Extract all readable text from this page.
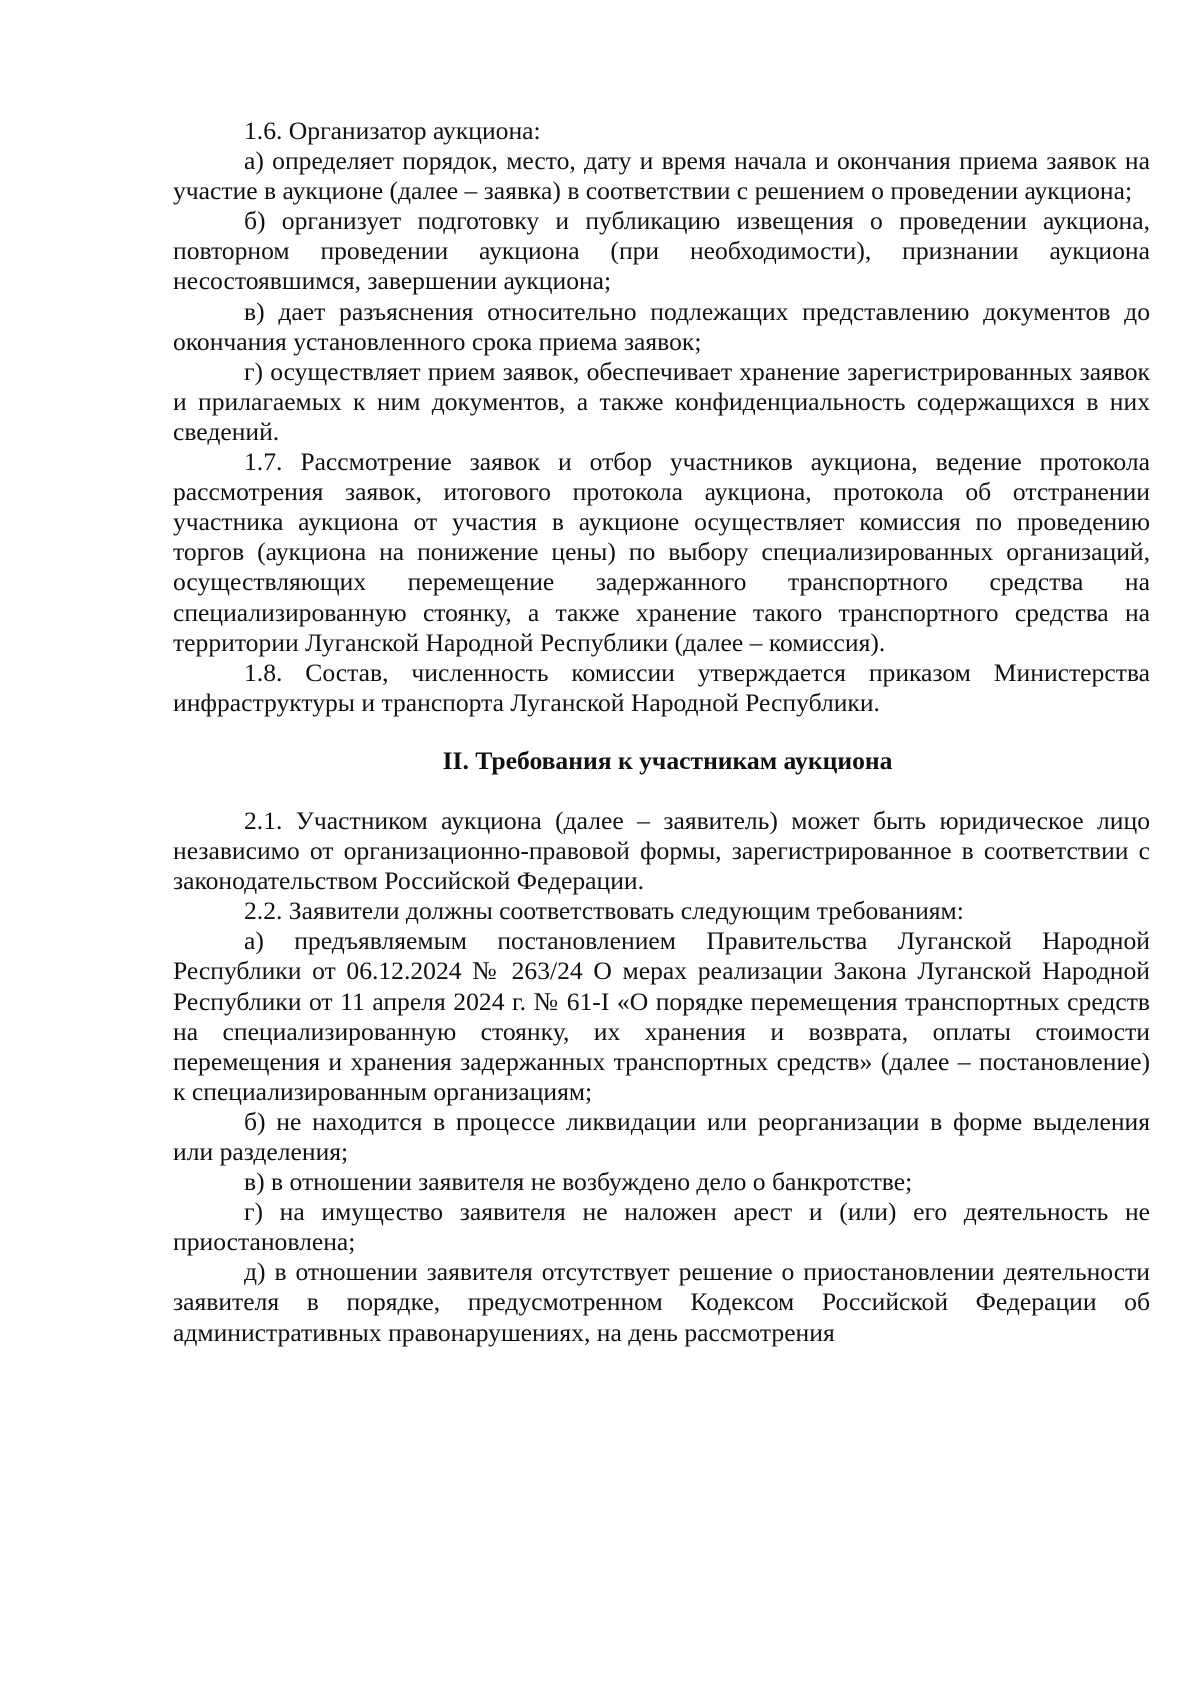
1.6. Организатор аукциона:

а) определяет порядок, место, дату и время начала и окончания приема заявок на участие в аукционе (далее – заявка) в соответствии с решением о проведении аукциона;

б) организует подготовку и публикацию извещения о проведении аукциона, повторном проведении аукциона (при необходимости), признании аукциона несостоявшимся, завершении аукциона;

в) дает разъяснения относительно подлежащих представлению документов до окончания установленного срока приема заявок;

г) осуществляет прием заявок, обеспечивает хранение зарегистрированных заявок и прилагаемых к ним документов, а также конфиденциальность содержащихся в них сведений.

1.7. Рассмотрение заявок и отбор участников аукциона, ведение протокола рассмотрения заявок, итогового протокола аукциона, протокола об отстранении участника аукциона от участия в аукционе осуществляет комиссия по проведению торгов (аукциона на понижение цены) по выбору специализированных организаций, осуществляющих перемещение задержанного транспортного средства на специализированную стоянку, а также хранение такого транспортного средства на территории Луганской Народной Республики (далее – комиссия).

1.8. Состав, численность комиссии утверждается приказом Министерства инфраструктуры и транспорта Луганской Народной Республики.

II. Требования к участникам аукциона

2.1. Участником аукциона (далее – заявитель) может быть юридическое лицо независимо от организационно-правовой формы, зарегистрированное в соответствии с законодательством Российской Федерации.

2.2. Заявители должны соответствовать следующим требованиям:

а) предъявляемым постановлением Правительства Луганской Народной Республики от 06.12.2024 № 263/24 О мерах реализации Закона Луганской Народной Республики от 11 апреля 2024 г. № 61-I «О порядке перемещения транспортных средств на специализированную стоянку, их хранения и возврата, оплаты стоимости перемещения и хранения задержанных транспортных средств» (далее – постановление) к специализированным организациям;

б) не находится в процессе ликвидации или реорганизации в форме выделения или разделения;

в) в отношении заявителя не возбуждено дело о банкротстве;

г) на имущество заявителя не наложен арест и (или) его деятельность не приостановлена;

д) в отношении заявителя отсутствует решение о приостановлении деятельности заявителя в порядке, предусмотренном Кодексом Российской Федерации об административных правонарушениях, на день рассмотрения
